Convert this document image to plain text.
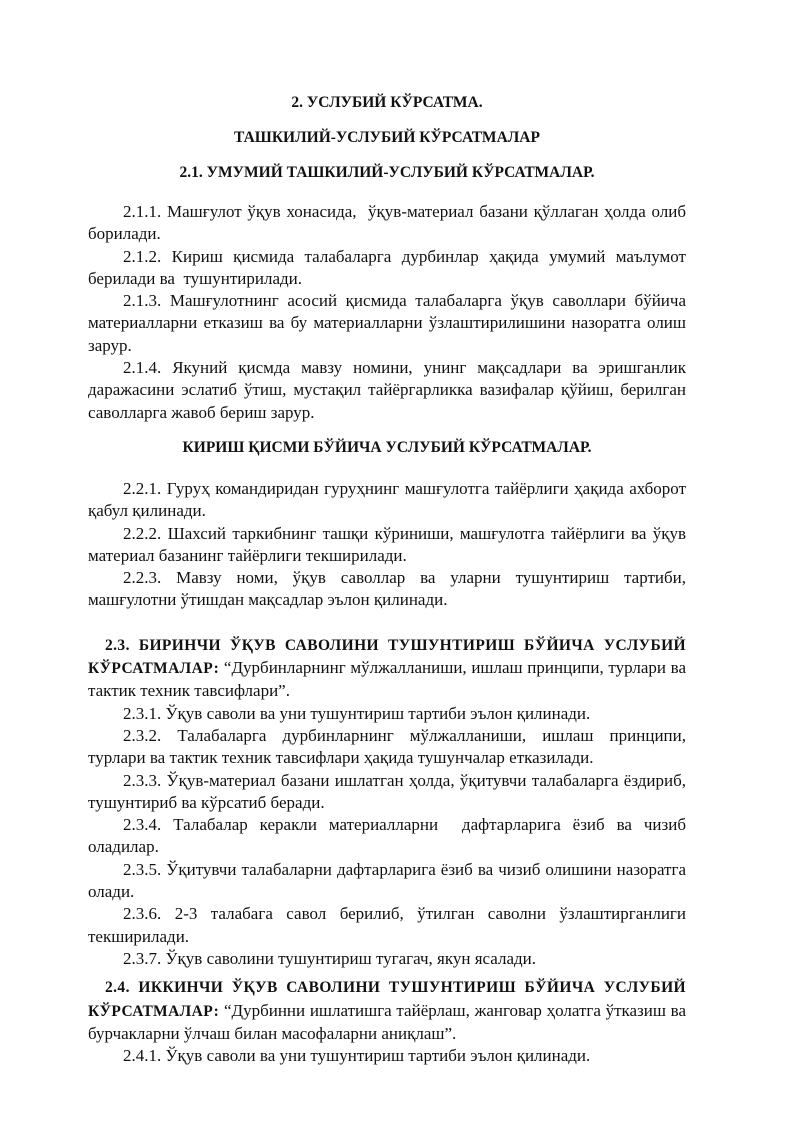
2. УСЛУБИЙ КЎРСАТМА.

ТАШКИЛИЙ-УСЛУБИЙ КЎРСАТМАЛАР

2.1. УМУМИЙ ТАШКИЛИЙ-УСЛУБИЙ КЎРСАТМАЛАР.

2.1.1. Машғулот ўқув хонасида,  ўқув-материал базани қўллаган ҳолда олиб борилади.

2.1.2. Кириш қисмида талабаларга дурбинлар ҳақида умумий маълумот берилади ва  тушунтирилади.

2.1.3. Машғулотнинг асосий қисмида талабаларга ўқув саволлари бўйича материалларни етказиш ва бу материалларни ўзлаштирилишини назоратга олиш зарур.

2.1.4. Якуний қисмда мавзу номини, унинг мақсадлари ва эришганлик даражасини эслатиб ўтиш, мустақил тайёргарликка вазифалар қўйиш, берилган саволларга жавоб бериш зарур.

КИРИШ ҚИСМИ БЎЙИЧА УСЛУБИЙ КЎРСАТМАЛАР.

2.2.1. Гуруҳ командиридан гуруҳнинг машғулотга тайёрлиги ҳақида ахборот қабул қилинади.

2.2.2. Шахсий таркибнинг ташқи кўриниши, машғулотга тайёрлиги ва ўқув материал базанинг тайёрлиги текширилади.

2.2.3. Мавзу номи, ўқув саволлар ва уларни тушунтириш тартиби, машғулотни ўтишдан мақсадлар эълон қилинади.

2.3. БИРИНЧИ ЎҚУВ САВОЛИНИ ТУШУНТИРИШ БЎЙИЧА УСЛУБИЙ КЎРСАТМАЛАР: “Дурбинларнинг мўлжалланиши, ишлаш принципи, турлари ва тактик техник тавсифлари”.

2.3.1. Ўқув саволи ва уни тушунтириш тартиби эълон қилинади.

2.3.2. Талабаларга дурбинларнинг мўлжалланиши, ишлаш принципи, турлари ва тактик техник тавсифлари ҳақида тушунчалар етказилади.

2.3.3. Ўқув-материал базани ишлатган ҳолда, ўқитувчи талабаларга ёздириб, тушунтириб ва кўрсатиб беради.

2.3.4. Талабалар керакли материалларни  дафтарларига ёзиб ва чизиб оладилар.

2.3.5. Ўқитувчи талабаларни дафтарларига ёзиб ва чизиб олишини назоратга олади.

2.3.6. 2-3 талабага савол берилиб, ўтилган саволни ўзлаштирганлиги текширилади.

2.3.7. Ўқув саволини тушунтириш тугагач, якун ясалади.

2.4. ИККИНЧИ ЎҚУВ САВОЛИНИ ТУШУНТИРИШ БЎЙИЧА УСЛУБИЙ КЎРСАТМАЛАР: “Дурбинни ишлатишга тайёрлаш, жанговар ҳолатга ўтказиш ва бурчакларни ўлчаш билан масофаларни аниқлаш”.

2.4.1. Ўқув саволи ва уни тушунтириш тартиби эълон қилинади.
